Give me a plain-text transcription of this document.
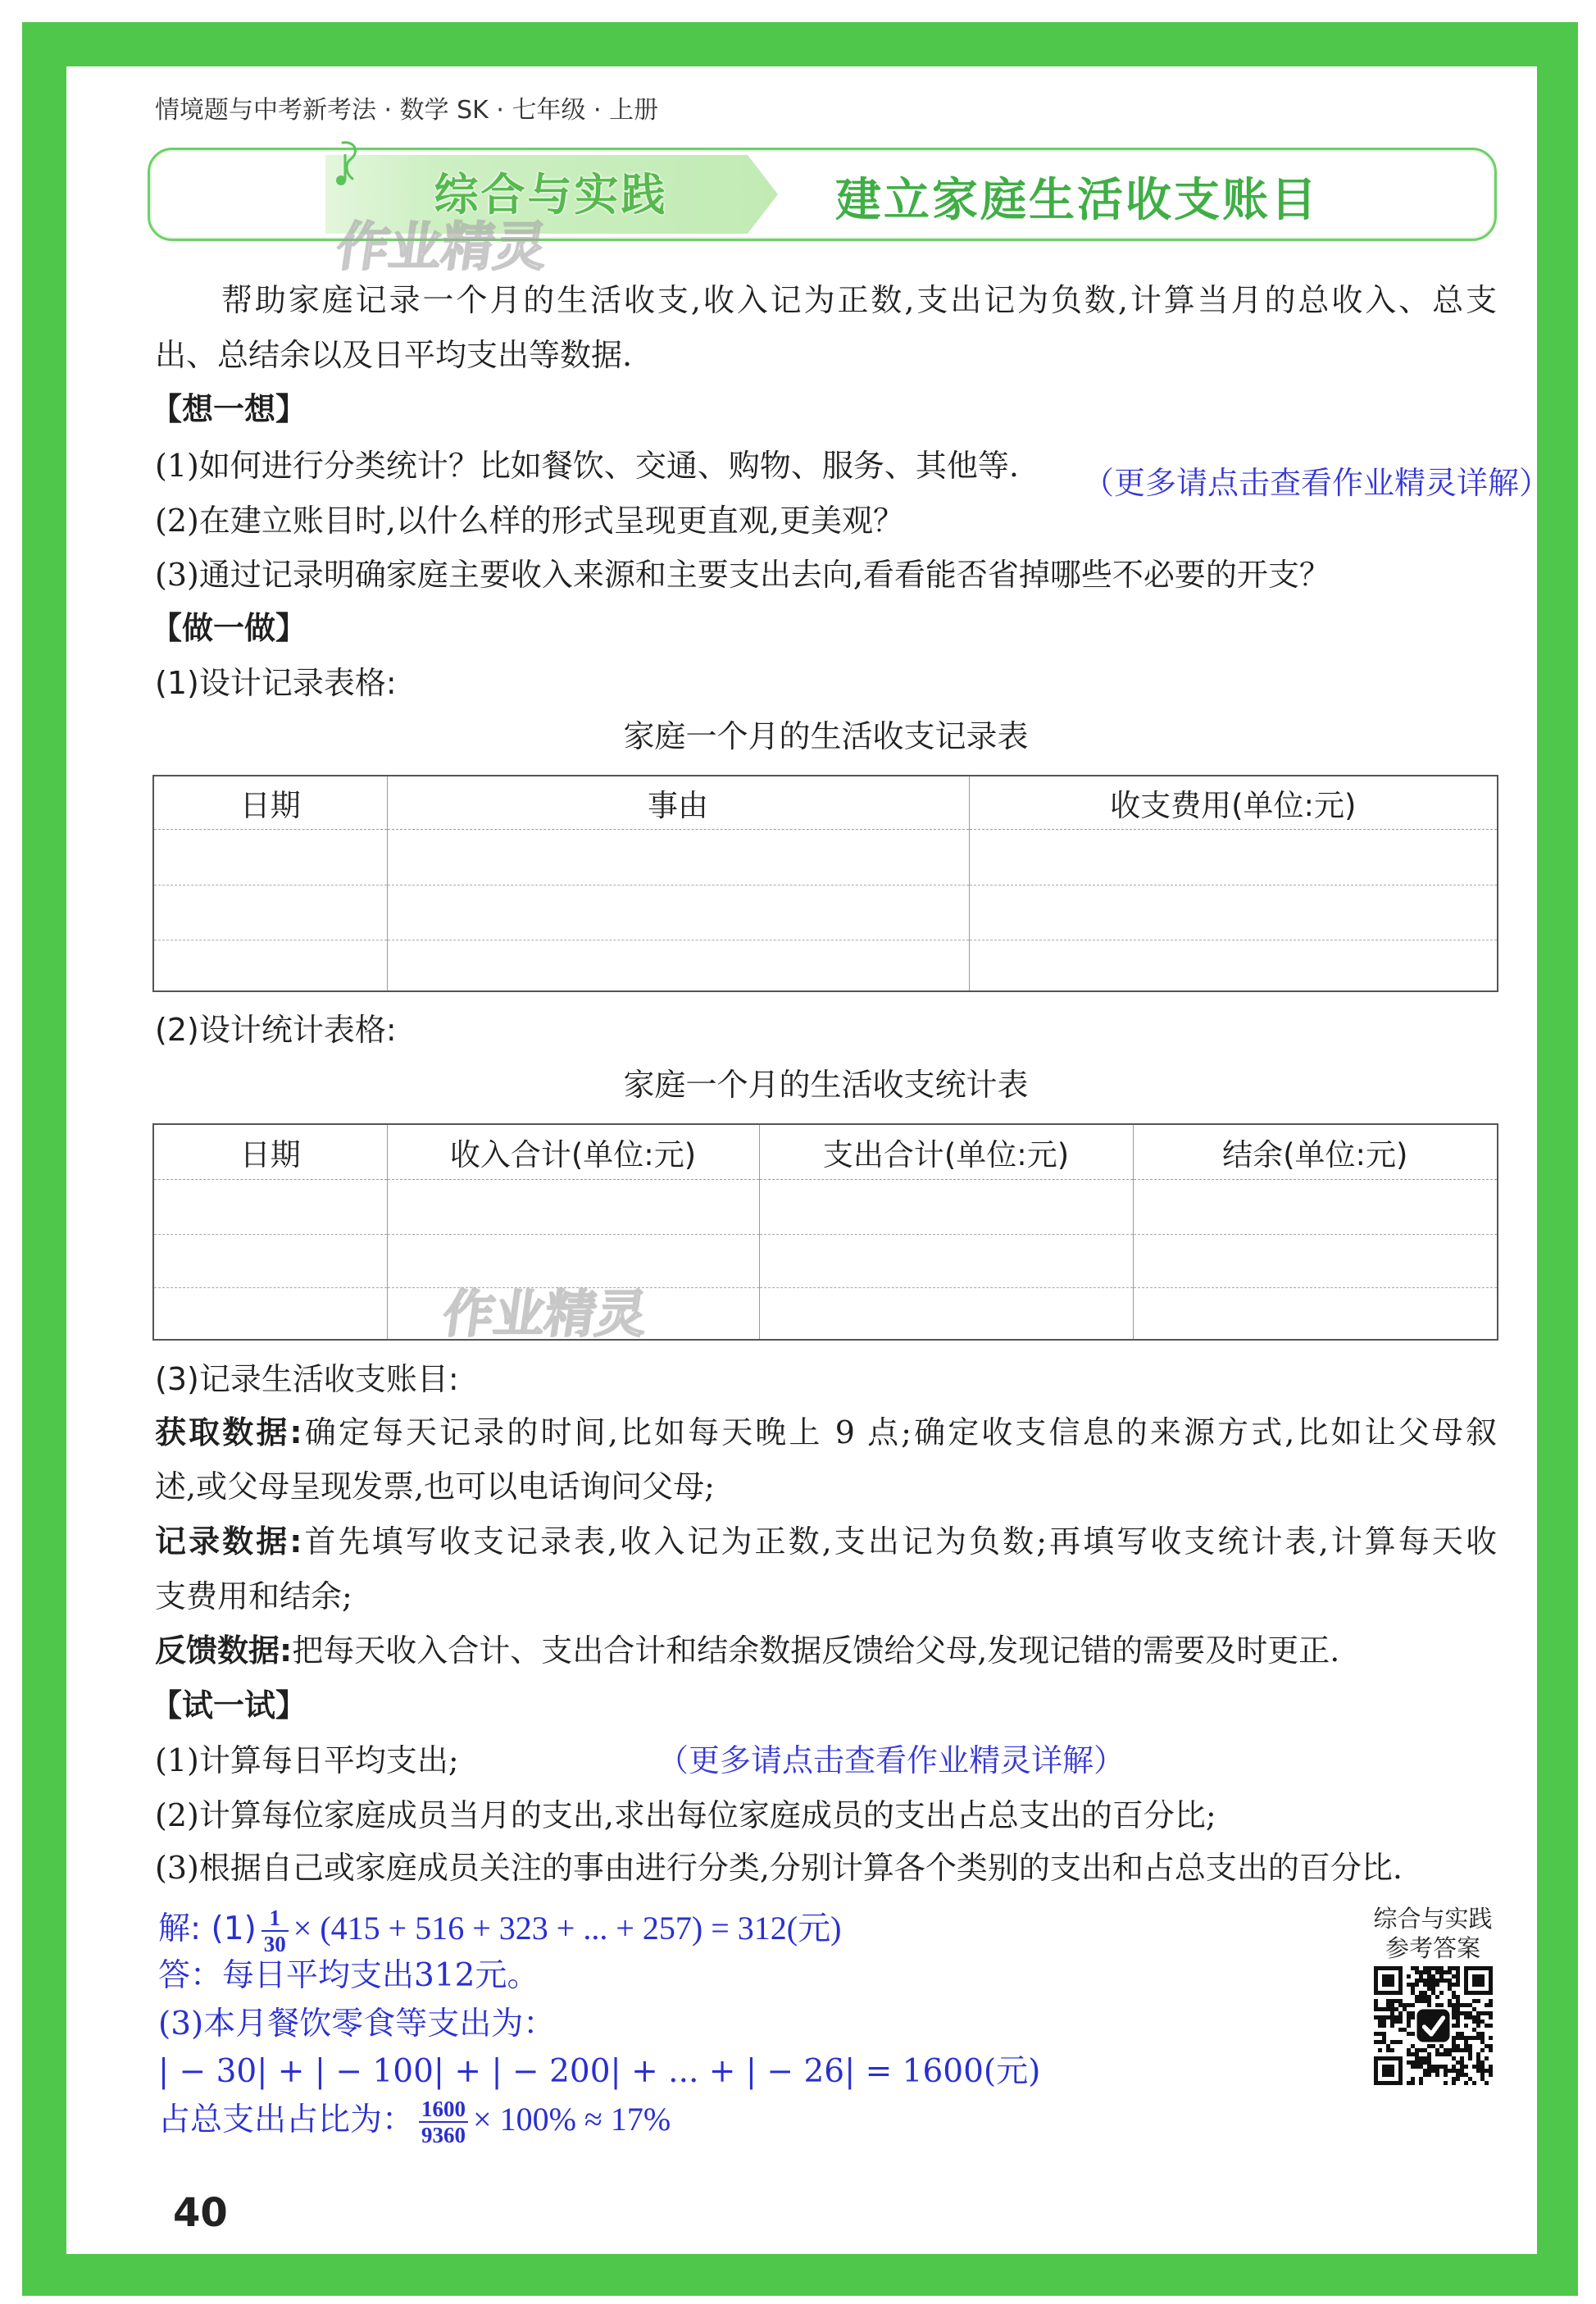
情境题与中考新考法 · 数学 SK · 七年级 · 上册
综合与实践	建立家庭生活收支账目
作业精灵
作业精灵
帮助家庭记录一个月的生活收支,收入记为正数,支出记为负数,计算当月的总收入、总支
出、总结余以及日平均支出等数据.
【想一想】
(1)如何进行分类统计？比如餐饮、交通、购物、服务、其他等. （更多请点击查看作业精灵详解）
(2)在建立账目时,以什么样的形式呈现更直观,更美观？
(3)通过记录明确家庭主要收入来源和主要支出去向,看看能否省掉哪些不必要的开支？
【做一做】
(1)设计记录表格:
家庭一个月的生活收支记录表
日期	事由	收支费用(单位:元)

(2)设计统计表格:
家庭一个月的生活收支统计表
日期	收入合计(单位:元)	支出合计(单位:元)	结余(单位:元)

(3)记录生活收支账目:
获取数据:确定每天记录的时间,比如每天晚上 9 点;确定收支信息的来源方式,比如让父母叙
述,或父母呈现发票,也可以电话询问父母;
记录数据:首先填写收支记录表,收入记为正数,支出记为负数;再填写收支统计表,计算每天收
支费用和结余;
反馈数据:把每天收入合计、支出合计和结余数据反馈给父母,发现记错的需要及时更正.
【试一试】
(1)计算每日平均支出;	（更多请点击查看作业精灵详解）
(2)计算每位家庭成员当月的支出,求出每位家庭成员的支出占总支出的百分比;
(3)根据自己或家庭成员关注的事由进行分类,分别计算各个类别的支出和占总支出的百分比.
解: $(1) \frac{1}{30} \times (415 + 516 + 323$ + ... + 257) = 312(元)
答：每日平均支出312元。
(3)本月餐饮零食等支出为：
| − 30| + | − 100| + | − 200| + ... + | − 26| = 1600(元)
占总支出占比为： $\frac{1600}{9360} \times 100\% \approx 17\%$
综合与实践
参考答案
40
